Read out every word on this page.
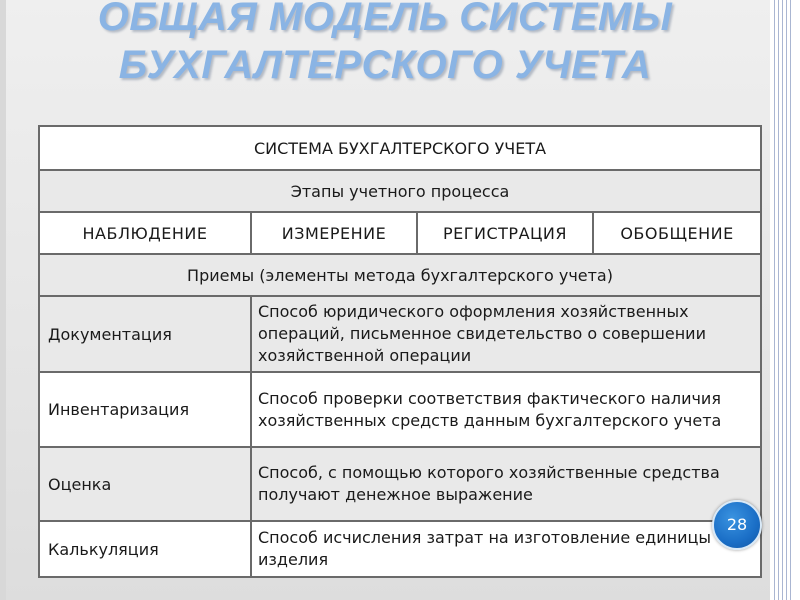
ОБЩАЯ МОДЕЛЬ СИСТЕМЫ
БУХГАЛТЕРСКОГО УЧЕТА
СИСТЕМА БУХГАЛТЕРСКОГО УЧЕТА			
Этапы учетного процесса			
НАБЛЮДЕНИЕ	ИЗМЕРЕНИЕ	РЕГИСТРАЦИЯ	ОБОБЩЕНИЕ
Приемы (элементы метода бухгалтерского учета)			
Документация	Способ юридического оформления хозяйственных операций, письменное свидетельство о совершении хозяйственной операции		
Инвентаризация	Способ проверки соответствия фактического наличия хозяйственных средств данным бухгалтерского учета		
Оценка	Способ, с помощью которого хозяйственные средства получают денежное выражение		
Калькуляция	Способ исчисления затрат на изготовление единицы изделия		
28
